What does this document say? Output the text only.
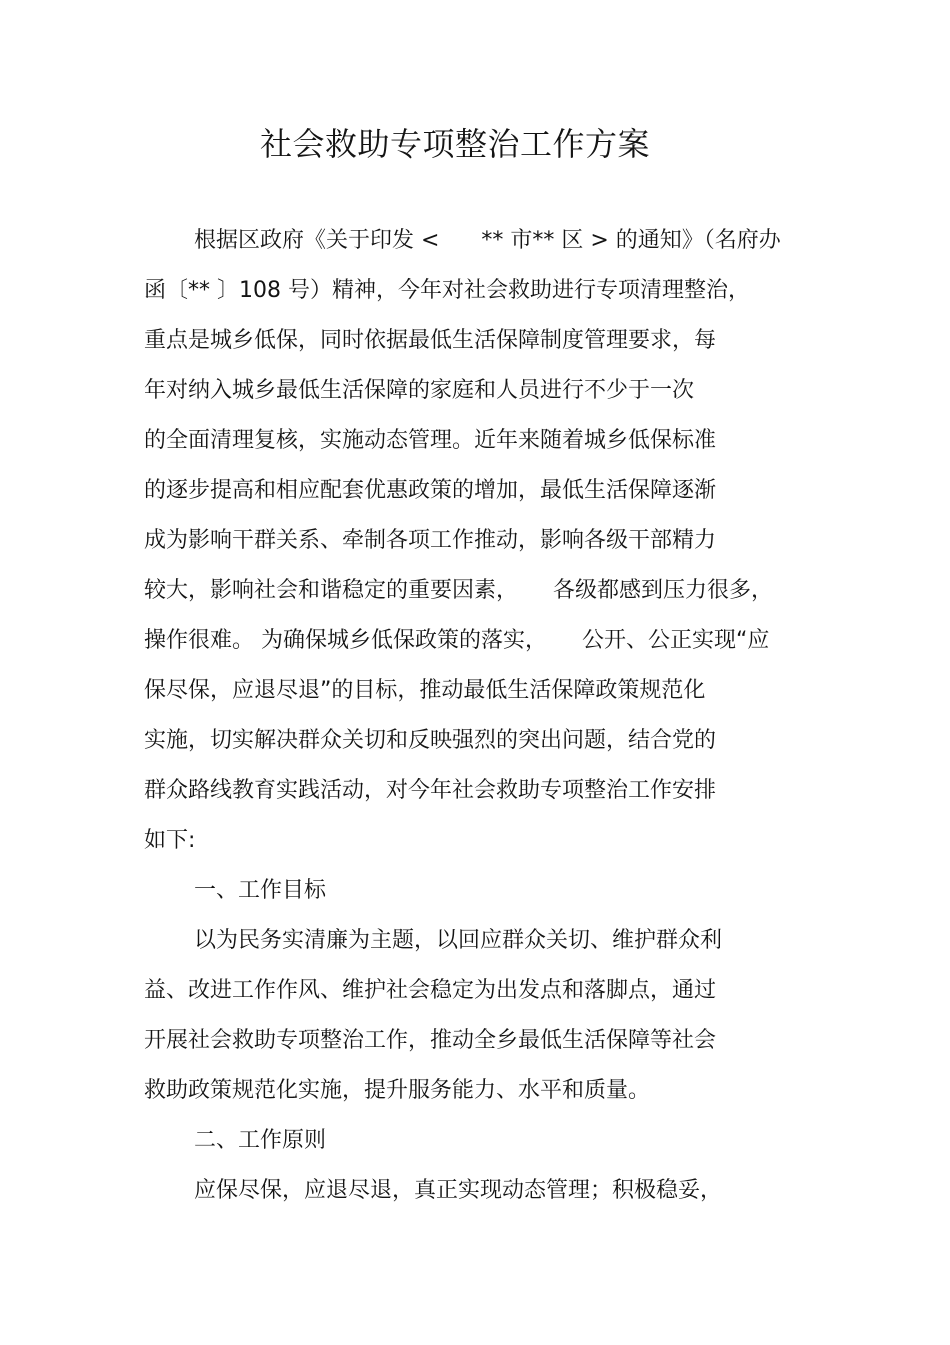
社会救助专项整治工作方案
根据区政府《关于印发 <      ** 市** 区 > 的通知》（名府办
函〔** 〕108 号）精神，今年对社会救助进行专项清理整治，
重点是城乡低保，同时依据最低生活保障制度管理要求，每
年对纳入城乡最低生活保障的家庭和人员进行不少于一次
的全面清理复核，实施动态管理。近年来随着城乡低保标准
的逐步提高和相应配套优惠政策的增加，最低生活保障逐渐
成为影响干群关系、牵制各项工作推动，影响各级干部精力
较大，影响社会和谐稳定的重要因素，     各级都感到压力很多，
操作很难。 为确保城乡低保政策的落实，     公开、公正实现“应
保尽保，应退尽退”的目标，推动最低生活保障政策规范化
实施，切实解决群众关切和反映强烈的突出问题，结合党的
群众路线教育实践活动，对今年社会救助专项整治工作安排
如下:
一、工作目标
以为民务实清廉为主题，以回应群众关切、维护群众利
益、改进工作作风、维护社会稳定为出发点和落脚点，通过
开展社会救助专项整治工作，推动全乡最低生活保障等社会
救助政策规范化实施，提升服务能力、水平和质量。
二、工作原则
应保尽保，应退尽退，真正实现动态管理；积极稳妥，
